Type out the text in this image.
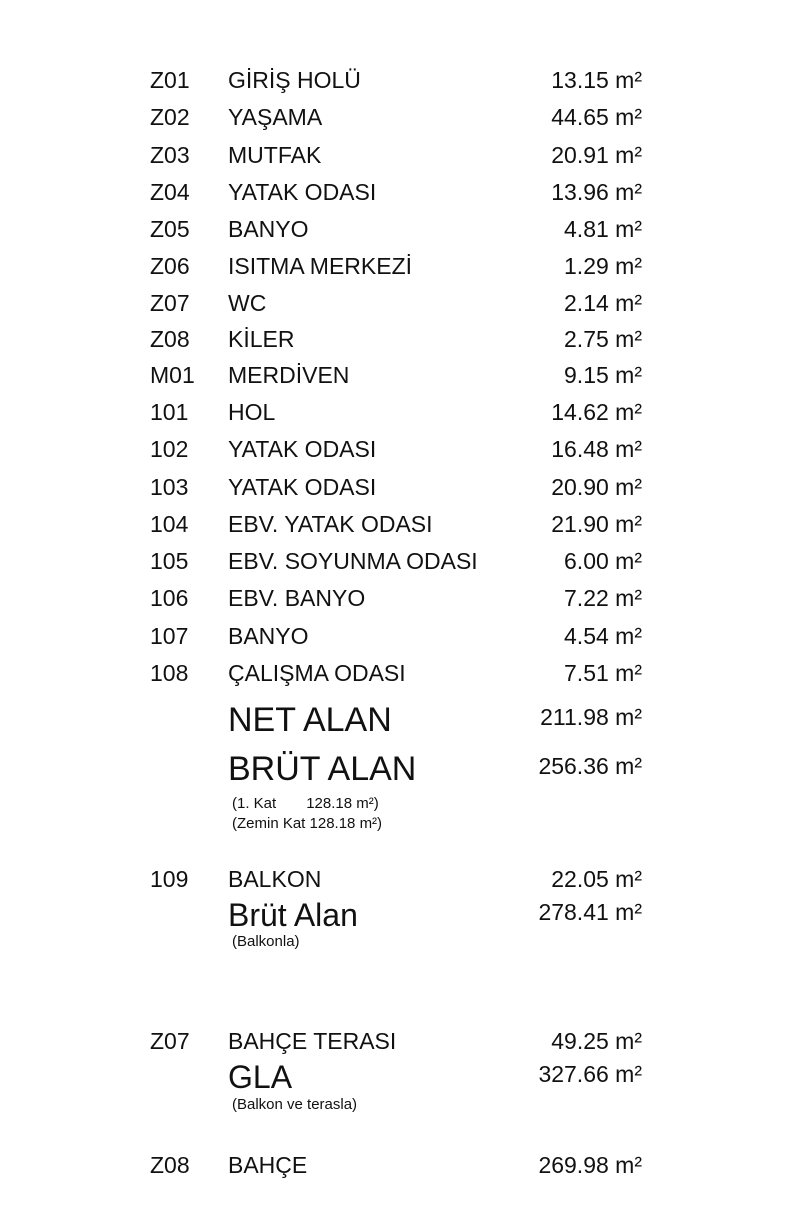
Z01 GİRİŞ HOLÜ	13.15 m²
Z02 YAŞAMA	44.65 m²
Z03 MUTFAK	20.91 m²
Z04 YATAK ODASI	13.96 m²
Z05 BANYO	4.81 m²
Z06 ISITMA MERKEZİ	1.29 m²
Z07 WC	2.14 m²
Z08 KİLER	2.75 m²
M01 MERDİVEN	9.15 m²
101 HOL	14.62 m²
102 YATAK ODASI	16.48 m²
103 YATAK ODASI	20.90 m²
104 EBV. YATAK ODASI	21.90 m²
105 EBV. SOYUNMA ODASI	6.00 m²
106 EBV. BANYO	7.22 m²
107 BANYO	4.54 m²
108 ÇALIŞMA ODASI	7.51 m²
NET ALAN	211.98 m²
BRÜT ALAN	256.36 m²
(1. Kat 128.18 m²)
(Zemin Kat 128.18 m²)
109 BALKON	22.05 m²
Brüt Alan	278.41 m²
(Balkonla)
Z07 BAHÇE TERASI	49.25 m²
GLA	327.66 m²
(Balkon ve terasla)
Z08 BAHÇE	269.98 m²
